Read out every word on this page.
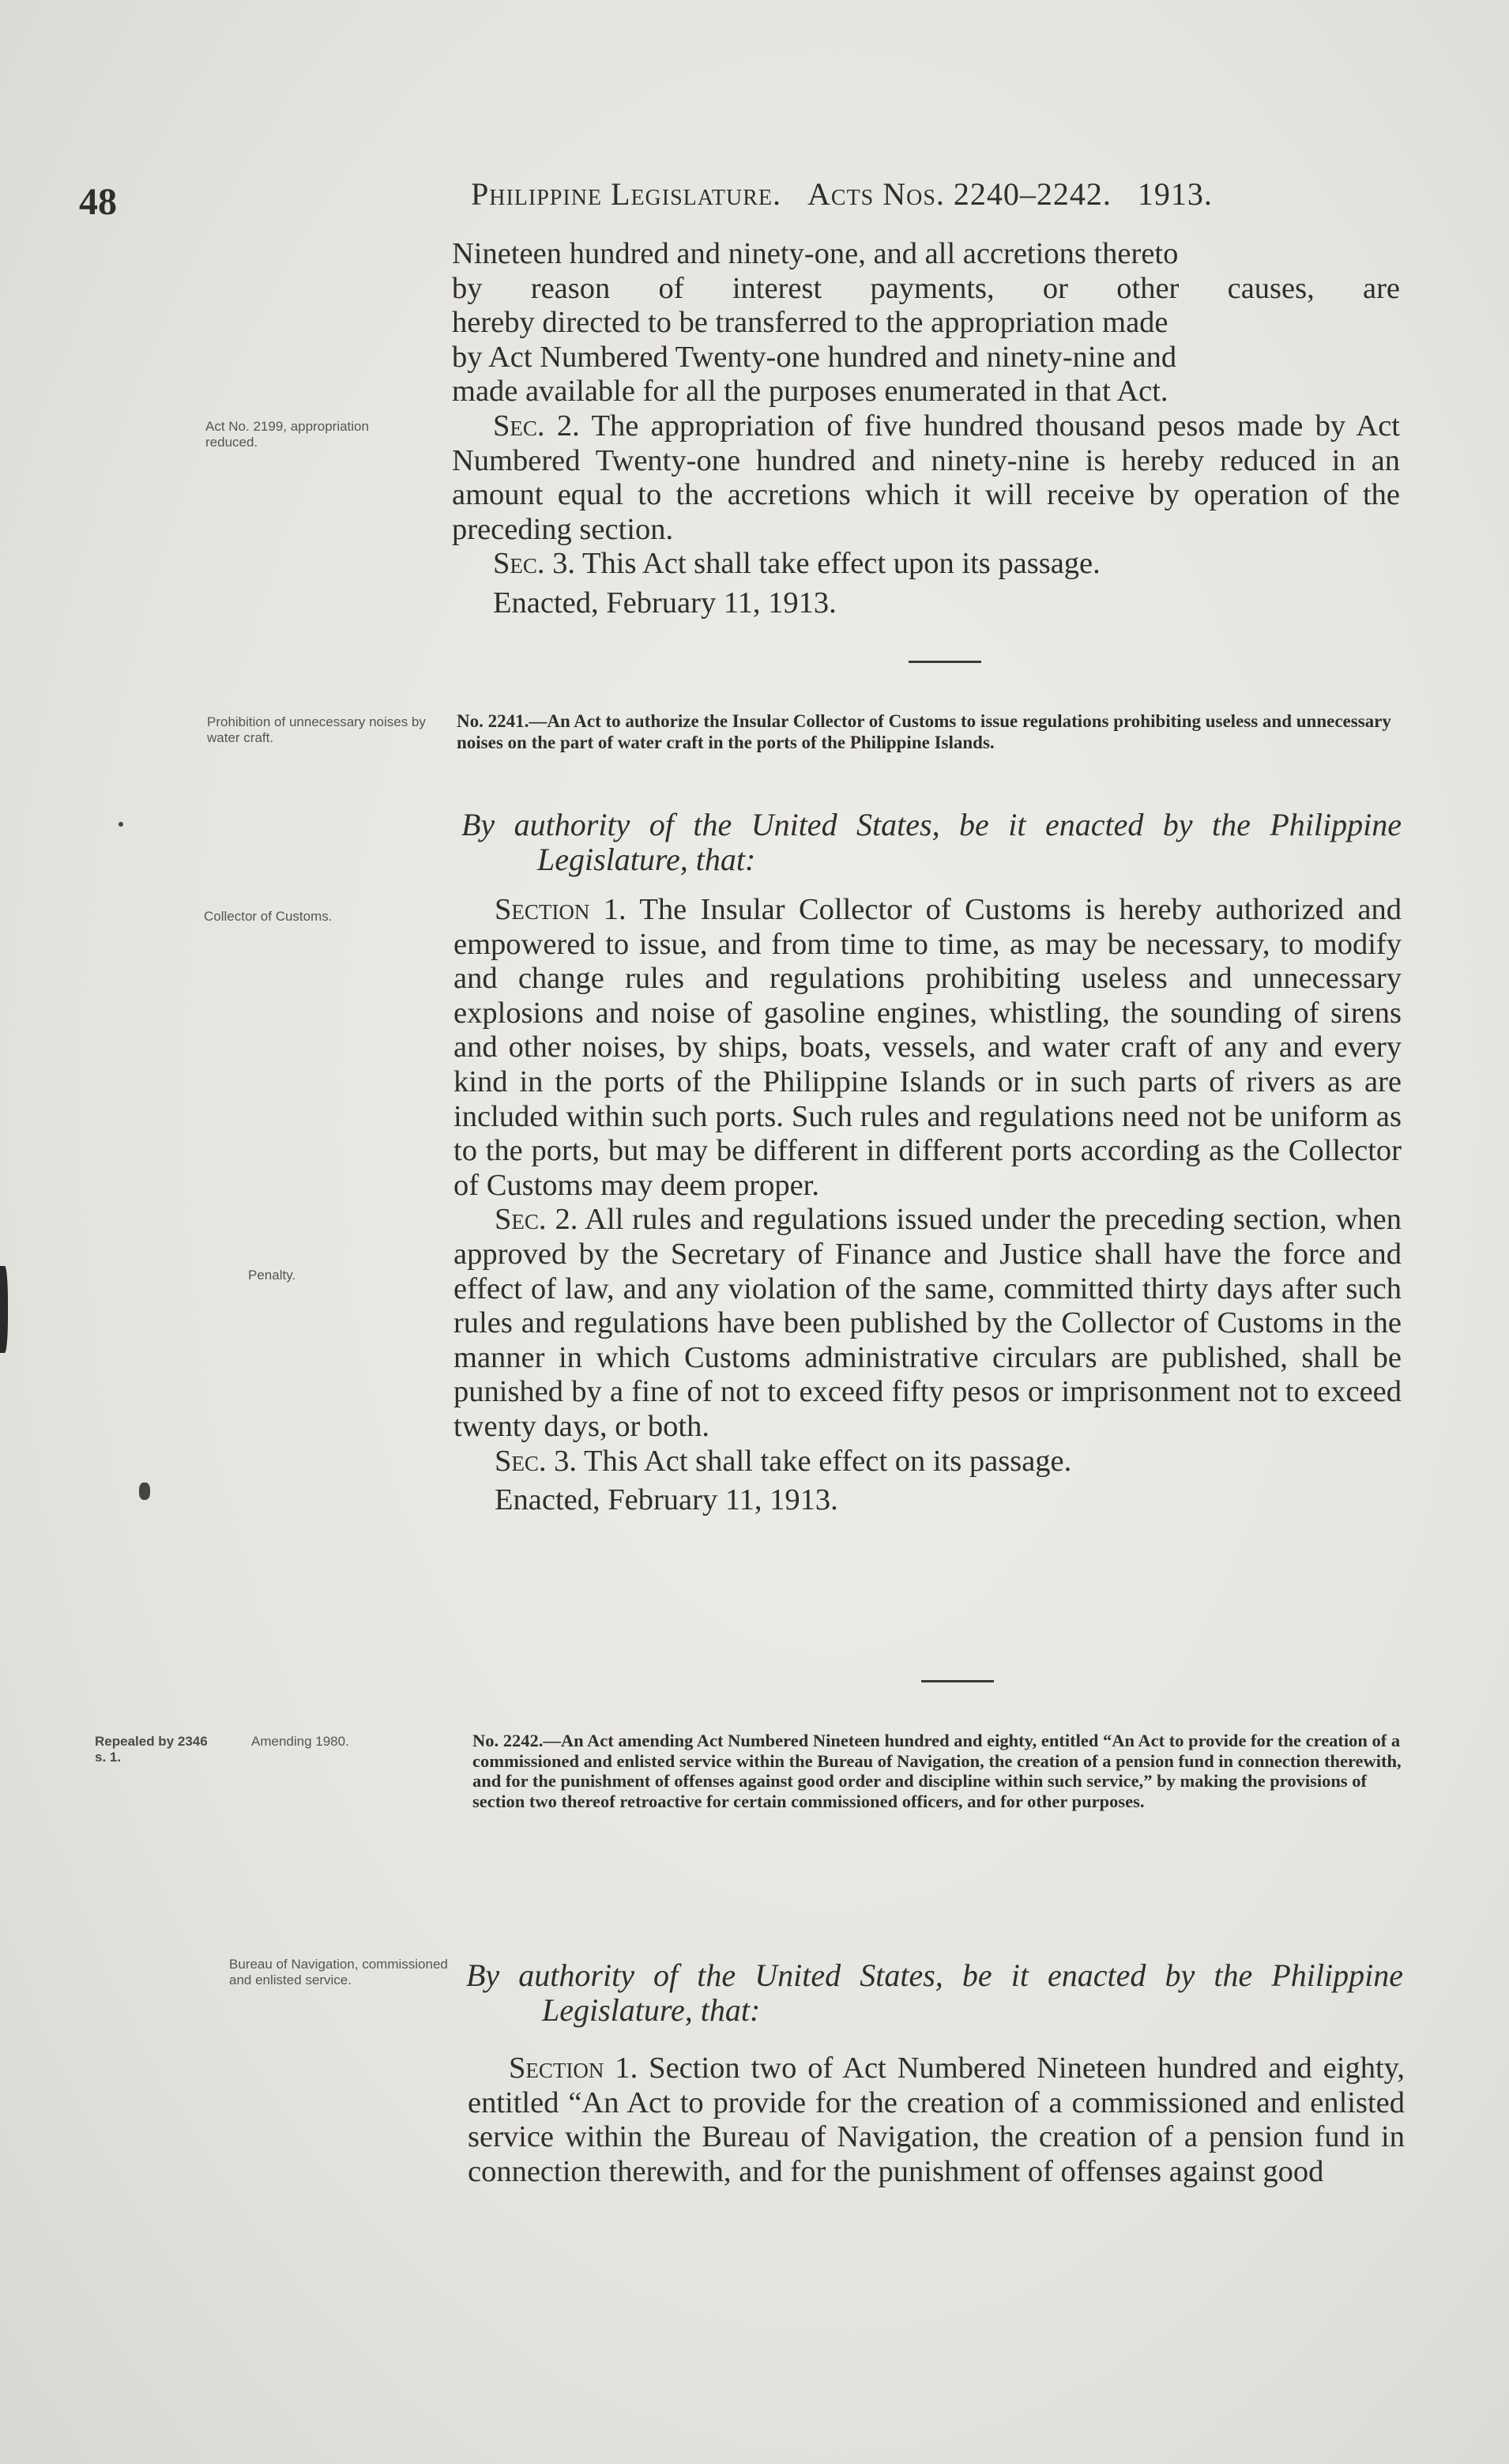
48	Philippine Legislature. Acts Nos. 2240–2242. 1913.
Nineteen hundred and ninety-one, and all accretions thereto
by reason of interest payments, or other causes, are
hereby directed to be transferred to the appropriation made
by Act Numbered Twenty-one hundred and ninety-nine and
made available for all the purposes enumerated in that Act.

Sec. 2. The appropriation of five hundred thousand pesos made by Act Numbered Twenty-one hundred and ninety-nine is hereby reduced in an amount equal to the accretions which it will receive by operation of the preceding section.

Sec. 3. This Act shall take effect upon its passage.

Enacted, February 11, 1913.

Act No. 2199, appropriation reduced.
Prohibition of unnecessary noises by water craft.
No. 2241.—An Act to authorize the Insular Collector of Customs to issue regulations prohibiting useless and unnecessary noises on the part of water craft in the ports of the Philippine Islands.
By authority of the United States, be it enacted by the Philippine Legislature, that:
Collector of Customs.	Section 1. The Insular Collector of Customs is hereby authorized and empowered to issue, and from time to time, as may be necessary, to modify and change rules and regulations prohibiting useless and unnecessary explosions and noise of gasoline engines, whistling, the sounding of sirens and other noises, by ships, boats, vessels, and water craft of any and every kind in the ports of the Philippine Islands or in such parts of rivers as are included within such ports. Such rules and regulations need not be uniform as to the ports, but may be different in different ports according as the Collector of Customs may deem proper.

Sec. 2. All rules and regulations issued under the preceding section, when approved by the Secretary of Finance and Justice shall have the force and effect of law, and any violation of the same, committed thirty days after such rules and regulations have been published by the Collector of Customs in the manner in which Customs administrative circulars are published, shall be punished by a fine of not to exceed fifty pesos or imprisonment not to exceed twenty days, or both.

Sec. 3. This Act shall take effect on its passage.

Enacted, February 11, 1913.

Penalty.
Repealed by 2346 s. 1.
Amending 1980.	No. 2242.—An Act amending Act Numbered Nineteen hundred and eighty, entitled “An Act to provide for the creation of a commissioned and enlisted service within the Bureau of Navigation, the creation of a pension fund in connection therewith, and for the punishment of offenses against good order and discipline within such service,” by making the provisions of section two thereof retroactive for certain commissioned officers, and for other purposes.
Bureau of Navigation, commissioned and enlisted service.	By authority of the United States, be it enacted by the Philippine Legislature, that:

Section 1. Section two of Act Numbered Nineteen hundred and eighty, entitled “An Act to provide for the creation of a commissioned and enlisted service within the Bureau of Navigation, the creation of a pension fund in connection therewith, and for the punishment of offenses against good
